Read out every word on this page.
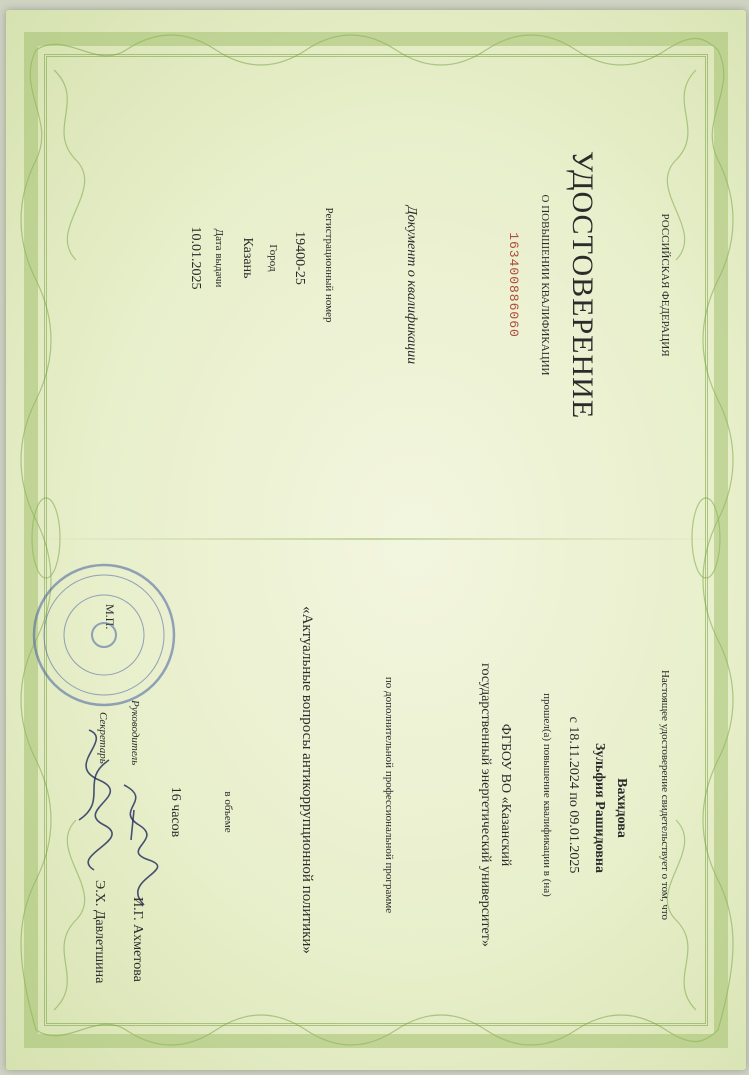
РОССИЙСКАЯ ФЕДЕРАЦИЯ
УДОСТОВЕРЕНИЕ
О ПОВЫШЕНИИ КВАЛИФИКАЦИИ
163400886060
Документ о квалификации
Регистрационный номер
19400-25
Город
Казань
Дата выдачи
10.01.2025
Настоящее удостоверение свидетельствует о том, что
Вахидова
Зульфия Рашидовна
с 18.11.2024 по 09.01.2025
прошел(а) повышение квалификации в (на)
ФГБОУ ВО «Казанский
государственный энергетический университет»
по дополнительной профессиональной программе
«Актуальные вопросы антикоррупционной политики»
в объеме
16 часов
М.П.
Руководитель
И.Г. Ахметова
Секретарь
Э.Х. Давлетшина
